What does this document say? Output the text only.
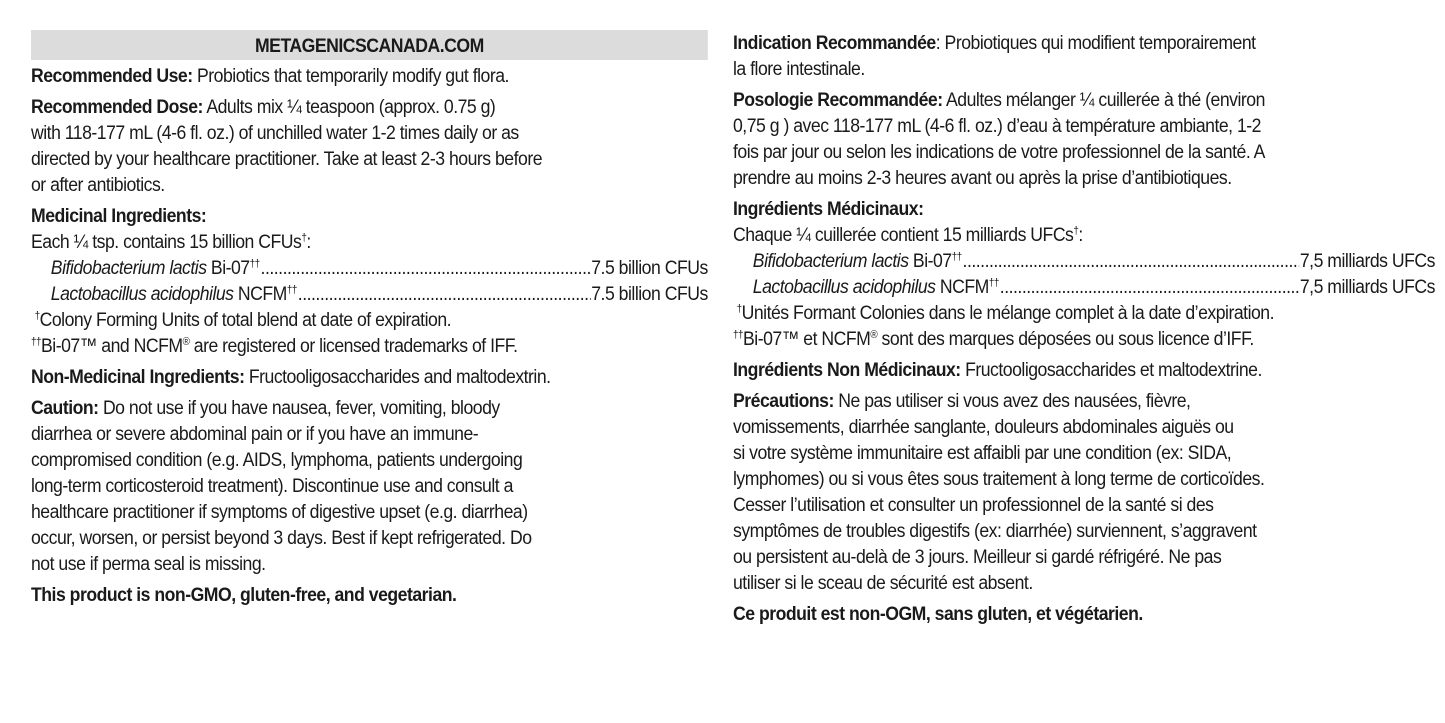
METAGENICSCANADA.COM

Recommended Use: Probiotics that temporarily modify gut flora.

Recommended Dose: Adults mix ¼ teaspoon (approx. 0.75 g)
with 118-177 mL (4-6 fl. oz.) of unchilled water 1-2 times daily or as
directed by your healthcare practitioner. Take at least 2-3 hours before
or after antibiotics.

Medicinal Ingredients:
Each ¼ tsp. contains 15 billion CFUs†:
Bifidobacterium lactis Bi-07†† .....	7.5 billion CFUs
Lactobacillus acidophilus NCFM†† .....	7.5 billion CFUs
†Colony Forming Units of total blend at date of expiration.
††Bi-07™ and NCFM® are registered or licensed trademarks of IFF.

Non-Medicinal Ingredients: Fructooligosaccharides and maltodextrin.

Caution: Do not use if you have nausea, fever, vomiting, bloody
diarrhea or severe abdominal pain or if you have an immune-
compromised condition (e.g. AIDS, lymphoma, patients undergoing
long-term corticosteroid treatment). Discontinue use and consult a
healthcare practitioner if symptoms of digestive upset (e.g. diarrhea)
occur, worsen, or persist beyond 3 days. Best if kept refrigerated. Do
not use if perma seal is missing.

This product is non-GMO, gluten-free, and vegetarian.

Indication Recommandée: Probiotiques qui modifient temporairement
la flore intestinale.

Posologie Recommandée: Adultes mélanger ¼ cuillerée à thé (environ
0,75 g ) avec 118-177 mL (4-6 fl. oz.) d’eau à température ambiante, 1-2
fois par jour ou selon les indications de votre professionnel de la santé. A
prendre au moins 2-3 heures avant ou après la prise d’antibiotiques.

Ingrédients Médicinaux:
Chaque ¼ cuillerée contient 15 milliards UFCs†:
Bifidobacterium lactis Bi-07†† .....	7,5 milliards UFCs
Lactobacillus acidophilus NCFM†† .....	7,5 milliards UFCs
†Unités Formant Colonies dans le mélange complet à la date d’expiration.
††Bi-07™ et NCFM® sont des marques déposées ou sous licence d’IFF.

Ingrédients Non Médicinaux: Fructooligosaccharides et maltodextrine.

Précautions: Ne pas utiliser si vous avez des nausées, fièvre,
vomissements, diarrhée sanglante, douleurs abdominales aiguës ou
si votre système immunitaire est affaibli par une condition (ex: SIDA,
lymphomes) ou si vous êtes sous traitement à long terme de corticoïdes.
Cesser l’utilisation et consulter un professionnel de la santé si des
symptômes de troubles digestifs (ex: diarrhée) surviennent, s’aggravent
ou persistent au-delà de 3 jours. Meilleur si gardé réfrigéré. Ne pas
utiliser si le sceau de sécurité est absent.

Ce produit est non-OGM, sans gluten, et végétarien.
